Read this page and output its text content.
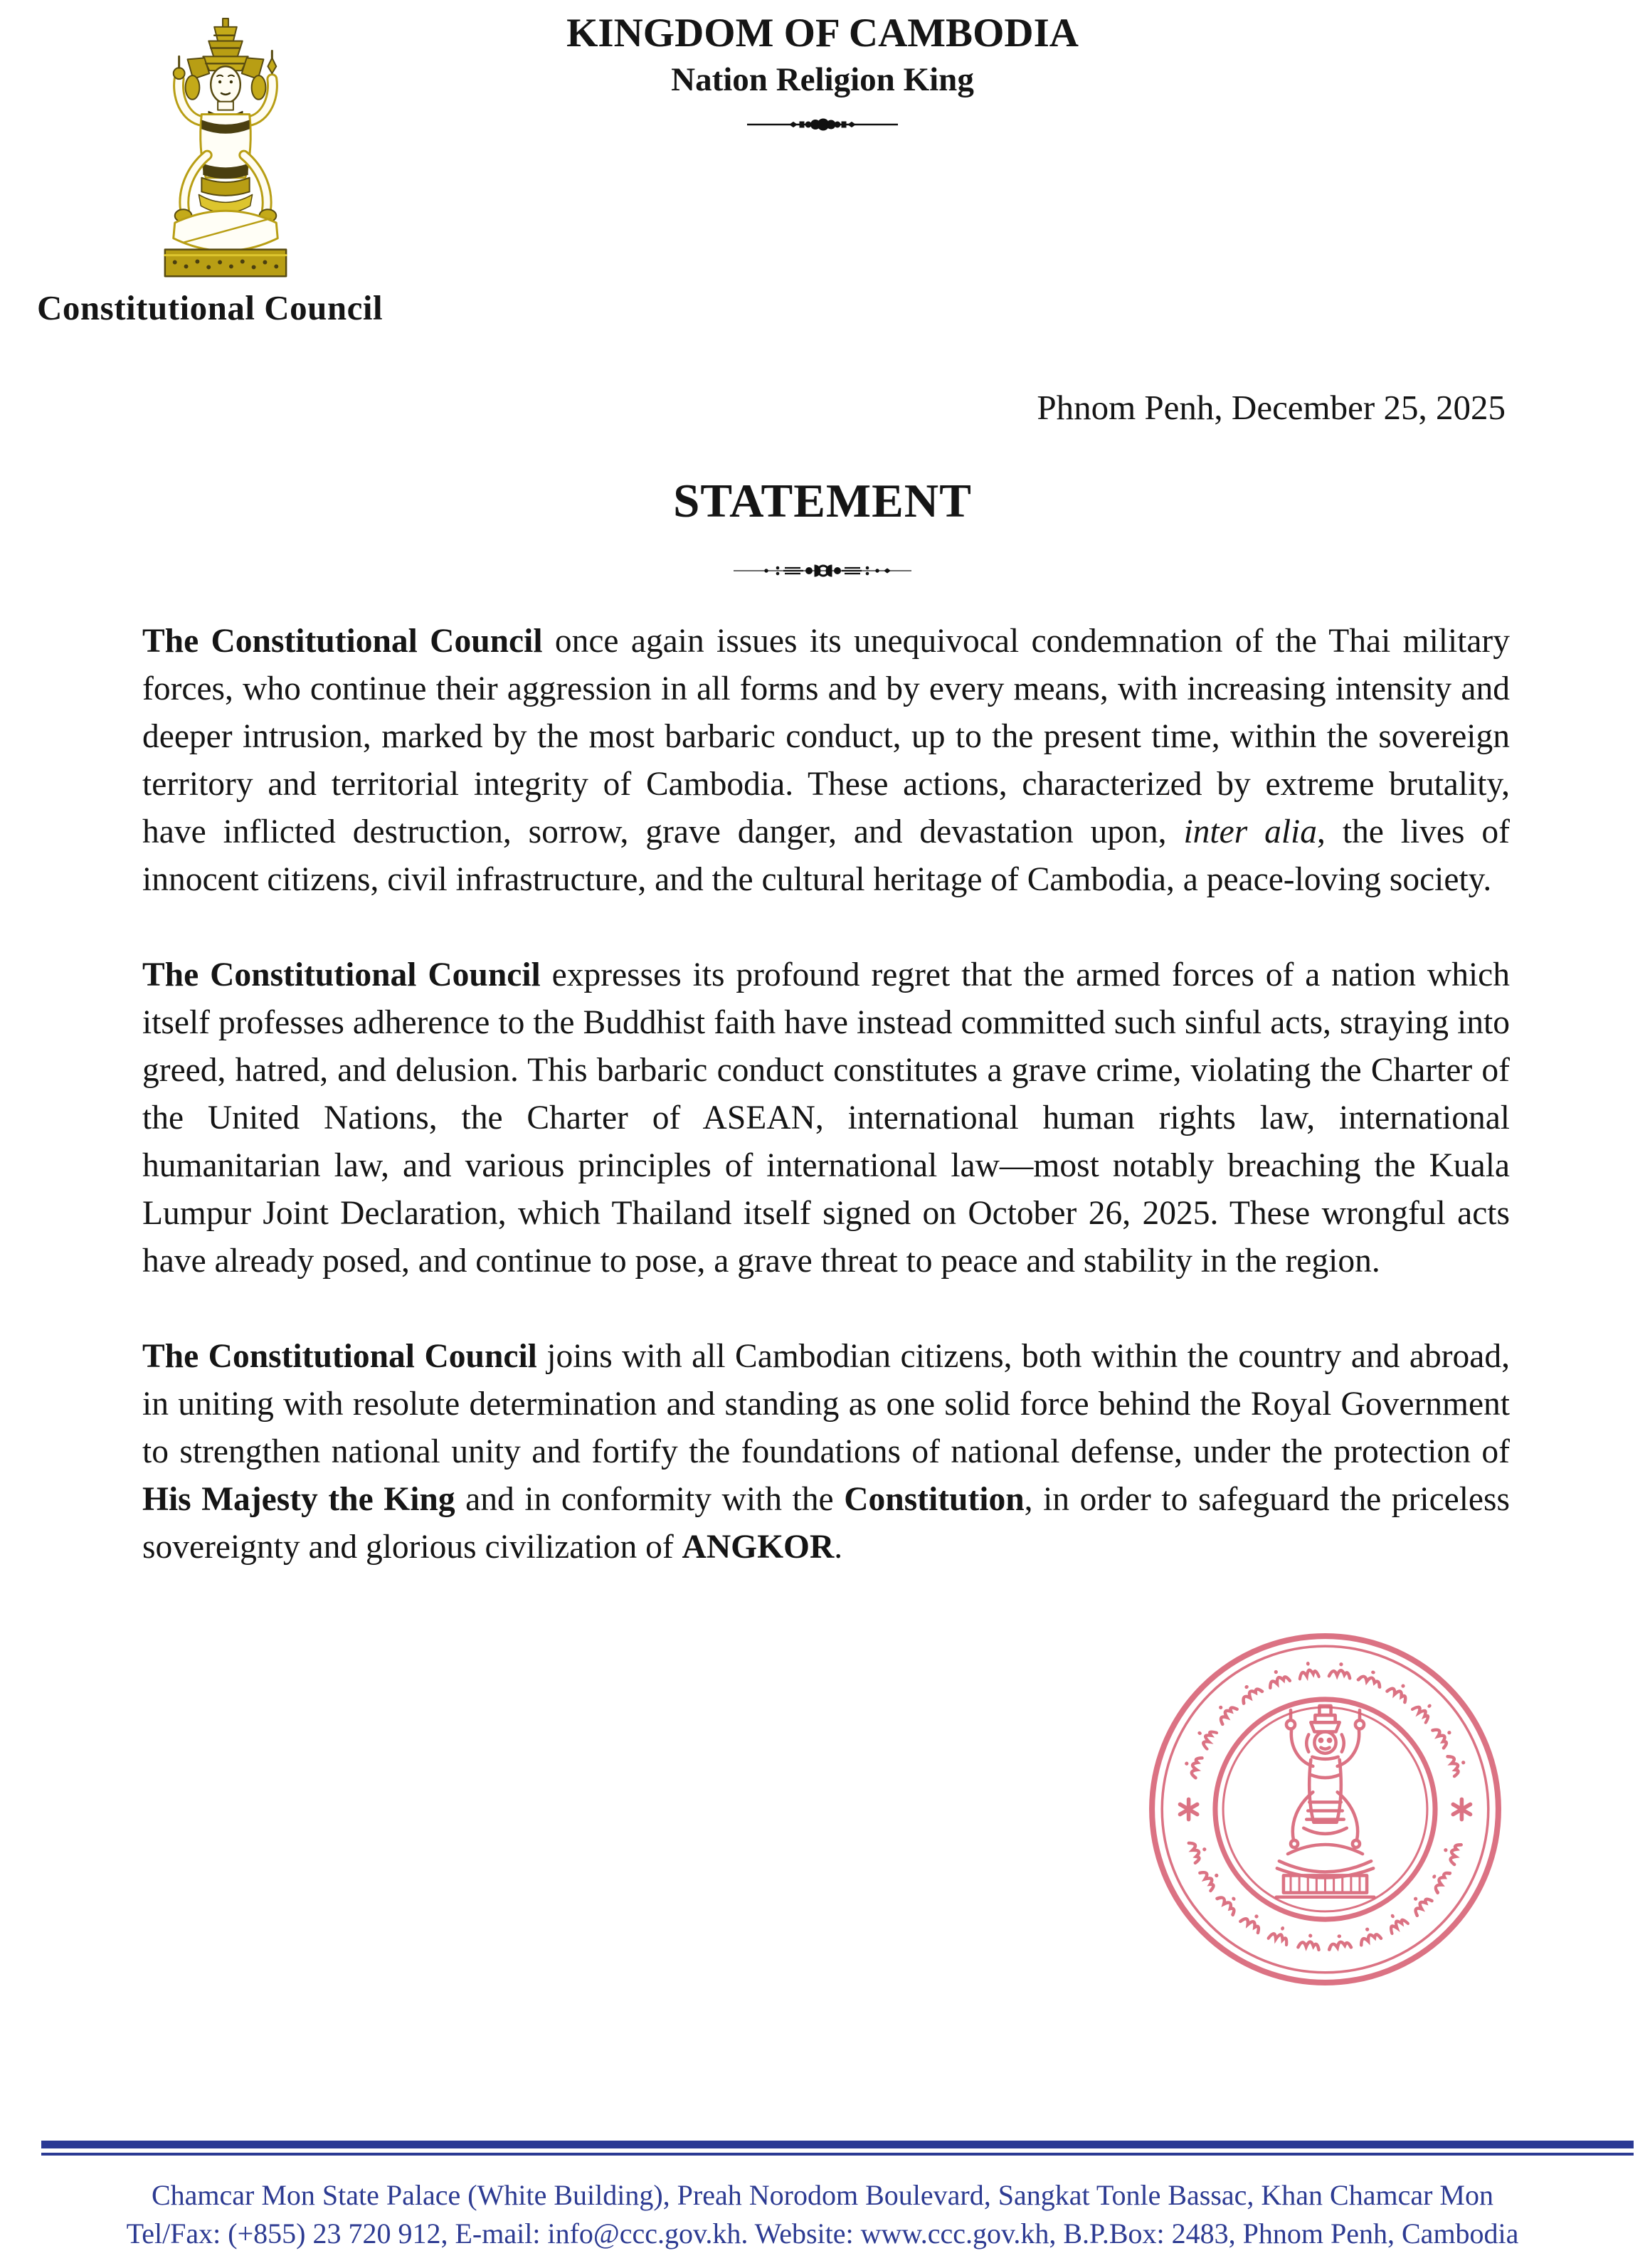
Constitutional Council
KINGDOM OF CAMBODIA
Nation Religion King
Phnom Penh, December 25, 2025
STATEMENT

The Constitutional Council once again issues its unequivocal condemnation of the Thai military forces, who continue their aggression in all forms and by every means, with increasing intensity and deeper intrusion, marked by the most barbaric conduct, up to the present time, within the sovereign territory and territorial integrity of Cambodia. These actions, characterized by extreme brutality, have inflicted destruction, sorrow, grave danger, and devastation upon, inter alia, the lives of innocent citizens, civil infrastructure, and the cultural heritage of Cambodia, a peace-loving society.

The Constitutional Council expresses its profound regret that the armed forces of a nation which itself professes adherence to the Buddhist faith have instead committed such sinful acts, straying into greed, hatred, and delusion. This barbaric conduct constitutes a grave crime, violating the Charter of the United Nations, the Charter of ASEAN, international human rights law, international humanitarian law, and various principles of international law—most notably breaching the Kuala Lumpur Joint Declaration, which Thailand itself signed on October 26, 2025. These wrongful acts have already posed, and continue to pose, a grave threat to peace and stability in the region.

The Constitutional Council joins with all Cambodian citizens, both within the country and abroad, in uniting with resolute determination and standing as one solid force behind the Royal Government to strengthen national unity and fortify the foundations of national defense, under the protection of His Majesty the King and in conformity with the Constitution, in order to safeguard the priceless sovereignty and glorious civilization of ANGKOR.

Chamcar Mon State Palace (White Building), Preah Norodom Boulevard, Sangkat Tonle Bassac, Khan Chamcar Mon
Tel/Fax: (+855) 23 720 912, E-mail: info@ccc.gov.kh. Website: www.ccc.gov.kh, B.P.Box: 2483, Phnom Penh, Cambodia
